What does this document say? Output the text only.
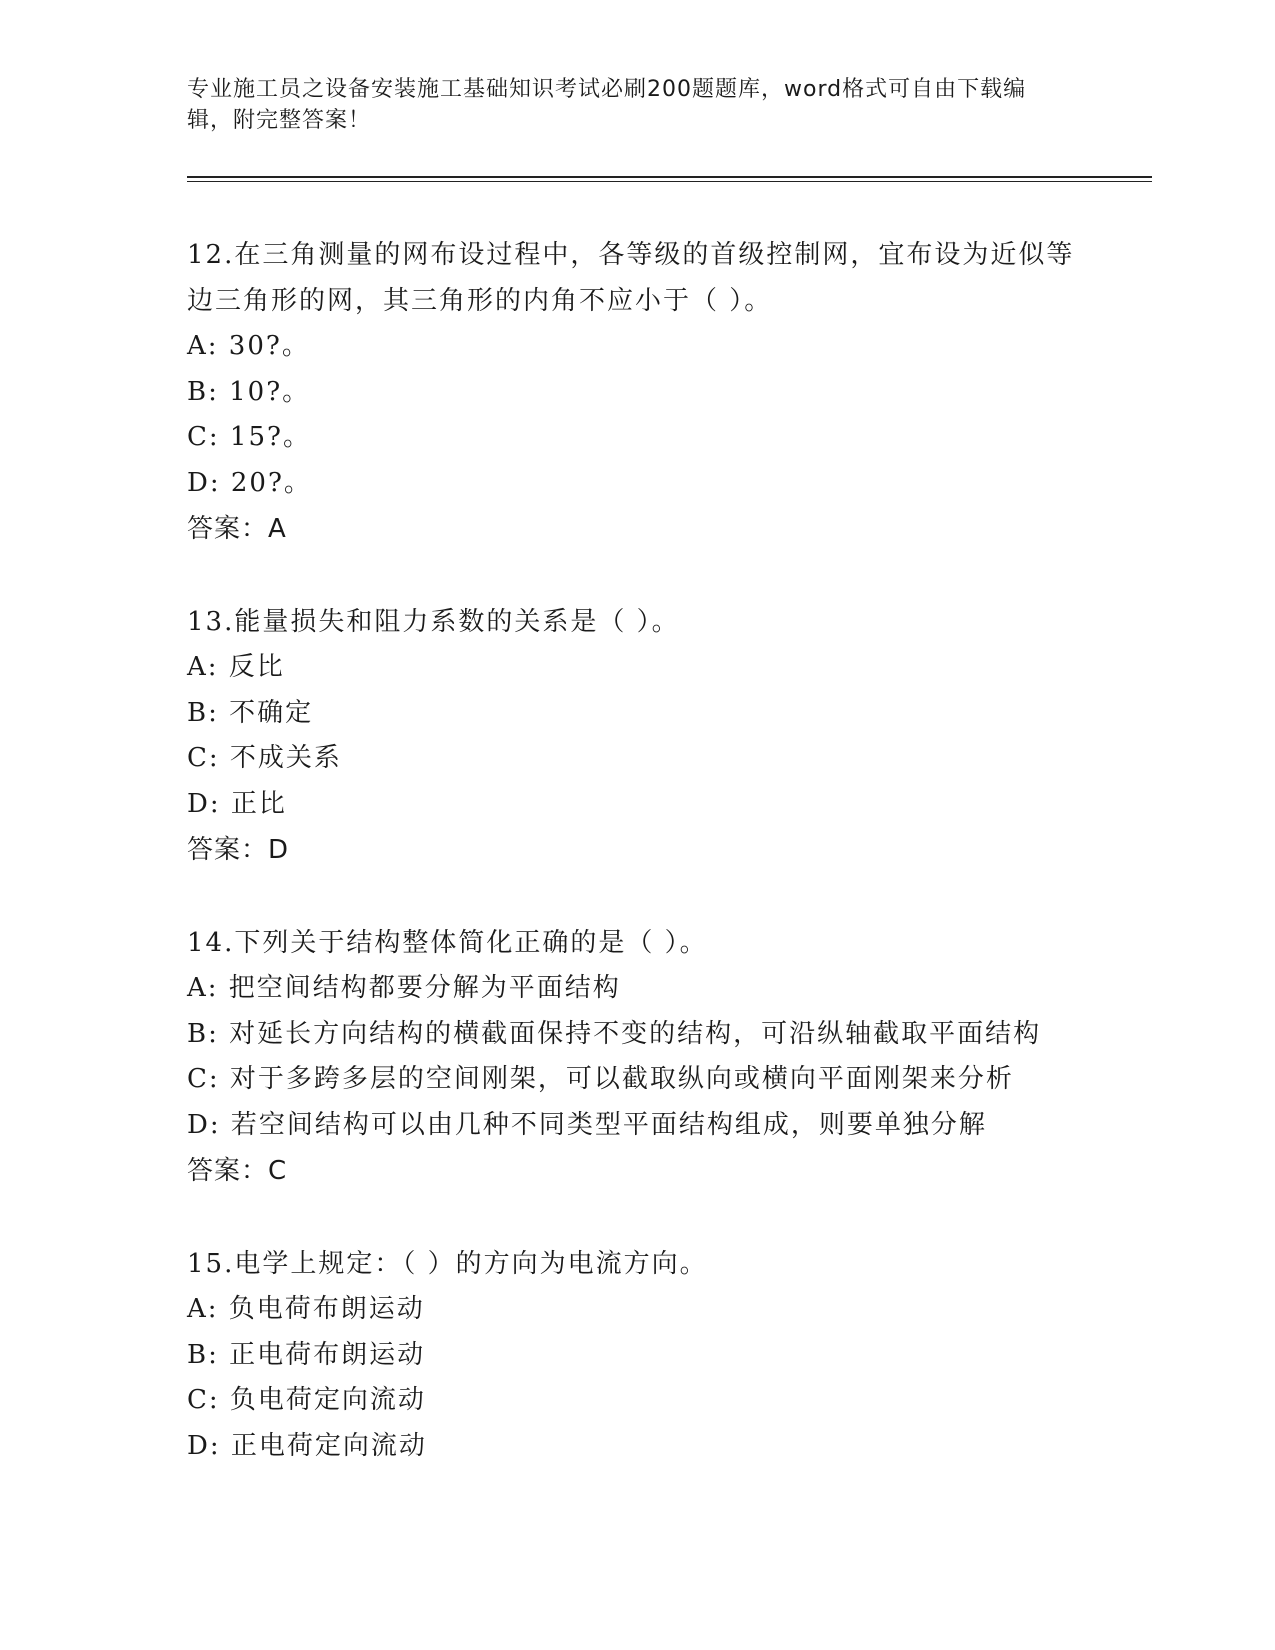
专业施工员之设备安装施工基础知识考试必刷200题题库，word格式可自由下载编辑，附完整答案！
12.在三角测量的网布设过程中，各等级的首级控制网，宜布设为近似等边三角形的网，其三角形的内角不应小于（ ）。
A: 30?。
B: 10?。
C: 15?。
D: 20?。
答案：A
13.能量损失和阻力系数的关系是（ ）。
A: 反比
B: 不确定
C: 不成关系
D: 正比
答案：D
14.下列关于结构整体简化正确的是（ ）。
A: 把空间结构都要分解为平面结构
B: 对延长方向结构的横截面保持不变的结构，可沿纵轴截取平面结构
C: 对于多跨多层的空间刚架，可以截取纵向或横向平面刚架来分析
D: 若空间结构可以由几种不同类型平面结构组成，则要单独分解
答案：C
15.电学上规定：（ ）的方向为电流方向。
A: 负电荷布朗运动
B: 正电荷布朗运动
C: 负电荷定向流动
D: 正电荷定向流动
